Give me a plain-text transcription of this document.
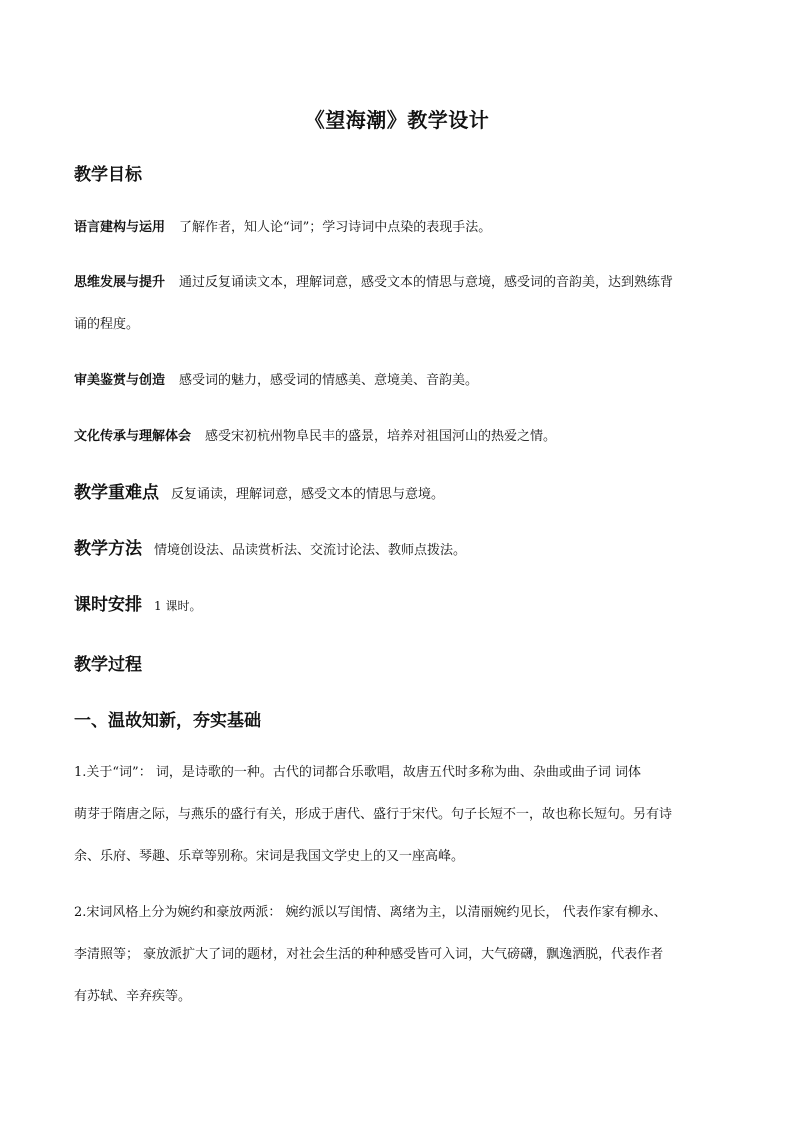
《望海潮》教学设计
教学目标
语言建构与运用 了解作者，知人论“词”；学习诗词中点染的表现手法。
思维发展与提升 通过反复诵读文本，理解词意，感受文本的情思与意境，感受词的音韵美，达到熟练背
诵的程度。
审美鉴赏与创造 感受词的魅力，感受词的情感美、意境美、音韵美。
文化传承与理解体会 感受宋初杭州物阜民丰的盛景，培养对祖国河山的热爱之情。
教学重难点 反复诵读，理解词意，感受文本的情思与意境。
教学方法 情境创设法、品读赏析法、交流讨论法、教师点拨法。
课时安排 1 课时。
教学过程
一、温故知新，夯实基础
1.关于“词”： 词，是诗歌的一种。古代的词都合乐歌唱，故唐五代时多称为曲、杂曲或曲子词 词体
萌芽于隋唐之际，与燕乐的盛行有关，形成于唐代、盛行于宋代。句子长短不一，故也称长短句。另有诗
余、乐府、琴趣、乐章等别称。宋词是我国文学史上的又一座高峰。
2.宋词风格上分为婉约和豪放两派： 婉约派以写闺情、离绪为主，以清丽婉约见长， 代表作家有柳永、
李清照等； 豪放派扩大了词的题材，对社会生活的种种感受皆可入词，大气磅礴，飘逸洒脱，代表作者
有苏轼、辛弃疾等。
